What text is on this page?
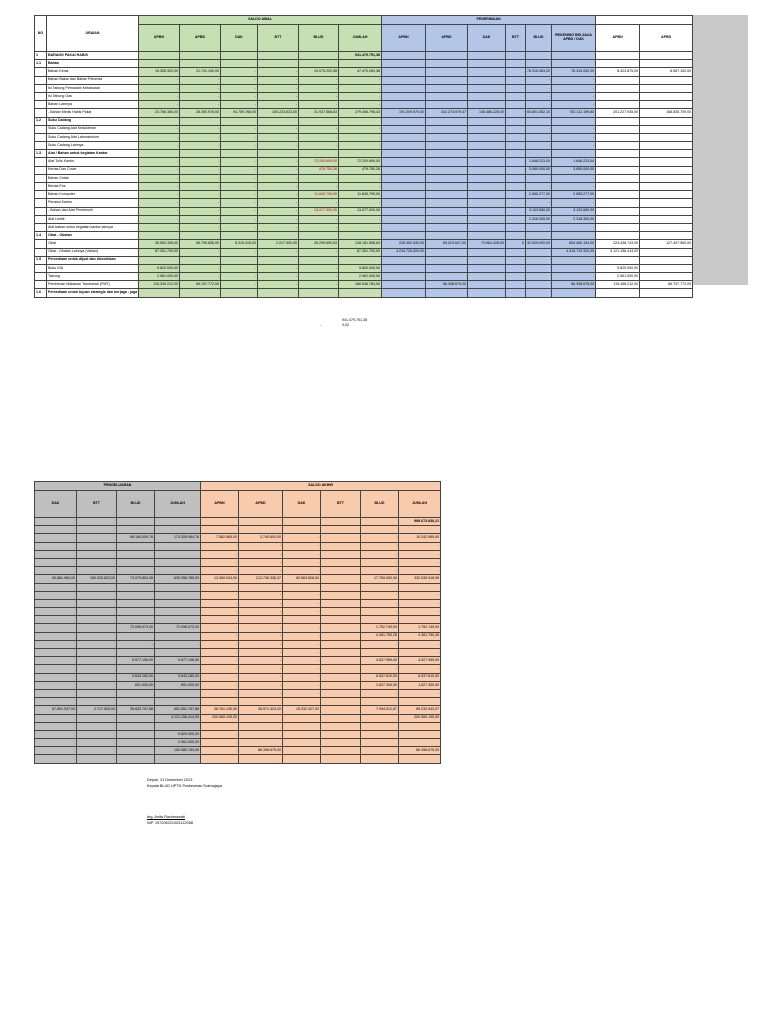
NO	URAIAN	SALDO AWAL						PENERIMAAN							
		APBN	APBD	DAK	BTT	BLUD	JUMLAH	APBN	APBD	DAK	BTT	BLUD	REKENING BELANJA APBD / DAK	APBN	APBD
1	BARANG PAKAI HABIS						941.479.751,38								
1.1	Bahan														
	Bahan Kimia	15.355.320,00	21.741.100,00	-	-	10.075.220,58	47.470.269,38					78.315.363,20	78.315.052,20	8.423.875,00	8.987.100,00
	Bahan Bakar dan Bahan Pelumas	-	-	-	-	-	-					-	-		
	Isi Tabung Pemadam Kebakaran	-	-	-	-	-	-					-	-		
	Isi Tabung Gas	-	-	-	-	-	-					-	-		
	Bahan Lainnya	-	-	-	-	-	-					-	-		
	- Bahan Medis Habis Pakai	23.766.380,00	28.260.976,00	94.759.768,00	150.223.623,00	31.937.568,63	279.456.798,43	191.309.970,00	341.274.979,47	136.486.228,00		60.801.552,10	752.112.199,80	201.227.945,00	168.835.709,00
1.2	Suku Cadang														
	Suku Cadang Alat Kedokteran	-	-	-	-	-	-					-	-		
	Suku Cadang Alat Laboratorium	-	-	-	-	-	-					-	-		
	Suku Cadang Lainnya	-	-	-	-	-	-					-	-		
1.3	Alat / Bahan untuk kegiatan Kantor														
	Alat Tulis Kantor	-	-	-	-	72.200.699,00	72.200.699,00					1.648.223,00	1.648.223,00		
	Kertas Dan Cover	-	-	-	-	479.750,26	479.750,26					3.950.000,00	3.950.000,00		
	Bahan Cetak	-	-	-	-	-	-					-	-		
	Benda Pos	-	-	-	-	-	-					-	-		
	Bahan Komputer	-	-	-	-	11.849.799,00	11.849.799,00					2.655.277,00	2.655.277,00		
	Perabot Kantor	-	-	-	-	-	-					-	-		
	- Bahan dan Alat Pembersih	-	-	-	-	13.077.000,00	13.077.000,00					3.103.680,00	3.103.680,00		
	Alat Listrik	-	-	-	-	-	-					2.318.300,00	2.318.300,00		
	Alat bahan untuk kegiatan kantor lainnya	-	-	-	-	-	-					-	-		
1.4	Obat - Obatan														
	Obat	35.552.305,00	56.795.836,00	8.315.415,00	2.217.500,00	25.299.590,63	128.181.558,63	228.352.530,00	89.023.647,00	73.984.328,00	0	32.529.000,00	604.460.154,00	224.438.743,00	127.407.960,00
	Obat - Obatan Lainnya (Vaksin)	87.351.700,00	-	-	-	-	87.351.700,00	4.234.726.020,00					4.316.719.320,00	4.121.156.414,00	
1.5	Persediaan untuk dijual dan diserahkan														
	Buku KIA	9.820.000,00	-	-	-	-	9.820.000,00						-	9.820.000,00	
	Tabung	2.961.000,00	-	-	-	-	2.961.000,00						-	2.961.000,00	
	Pemberian Makanan Tambahan (PMT)	115.349.212,00	65.197.772,00	-	-	-	180.546.784,00		86.398.675,00				86.398.675,00	115.458.212,00	66.797.772,00
1.6	Persediaan untuk tujuan strategis dan berjaga - jaga														
941.479.751,38
-	0,02
PENGELUARAN				SALDO AKHIR					
DAK	BTT	BLUD	JUMLAH	APBN	APBD	DAK	BTT	BLUD	JUMLAH
									989.673.836,21

		98.184.009,78	173.309.084,78	7.582.965,00	2.740.800,00	-		-	10.242.965,00
				-	-	-		-	-
				-	-	-		-	-
				-	-	-		-	-
				-	-	-		-	-
90.881.960,00	150.220.623,00	73.079.804,35	639.396.789,29	13.369.034,00	212.736.336,37	80.563.808,00		17.759.050,50	332.939.918,98

				-	-	-		-	-
				-	-	-		-	-
				-	-	-		-	-

		72.096.073,00	72.096.073,00	-	-	-		1.752.749,00	1.752.749,00
				-	-	-		4.381.750,26	4.381.750,26
		-	-	-	-	-		-	-
				-	-	-		-	-
		9.577.106,00	9.577.106,00	-	-	-		4.527.959,00	4.527.959,00
				-	-	-		-	-
		9.643.180,00	9.643.180,00	-	-	-		6.537.610,00	6.537.610,00
		691.000,00	691.000,00	-	-	-		1.627.300,00	1.627.300,00
				-	-	-		-	-

67.891.937,00	2.717.500,00	39.833.707,88	651.551.767,88	38.761.130,00	36.571.423,00	15.232.327,00		7.994.512,87	89.232.642,97
			4.121.156.414,00	200.565.195,00					200.565.195,00

			9.820.000,00	-					
			2.961.000,00	-					
			100.583.784,00	-	86.398.675,00				86.398.675,00

Depok, 31 Desember 2023
Kepala BLUD UPTD Puskesmas Sukmajaya
drg. Anita Rachmawati
NIP. 197206221003122058
